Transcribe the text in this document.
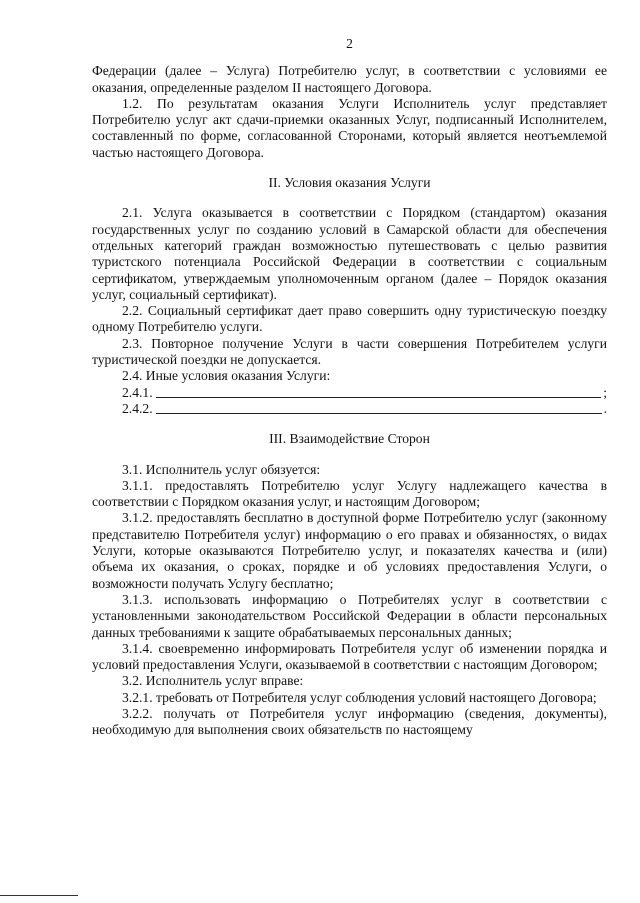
2

Федерации (далее – Услуга) Потребителю услуг, в соответствии с условиями ее оказания, определенные разделом II настоящего Договора.

1.2. По результатам оказания Услуги Исполнитель услуг представляет Потребителю услуг акт сдачи-приемки оказанных Услуг, подписанный Исполнителем, составленный по форме, согласованной Сторонами, который является неотъемлемой частью настоящего Договора.

II. Условия оказания Услуги

2.1. Услуга оказывается в соответствии с Порядком (стандартом) оказания государственных услуг по созданию условий в Самарской области для обеспечения отдельных категорий граждан возможностью путешествовать с целью развития туристского потенциала Российской Федерации в соответствии с социальным сертификатом, утверждаемым уполномоченным органом (далее – Порядок оказания услуг, социальный сертификат).

2.2. Социальный сертификат дает право совершить одну туристическую поездку одному Потребителю услуги.

2.3. Повторное получение Услуги в части совершения Потребителем услуги туристической поездки не допускается.

2.4. Иные условия оказания Услуги:

2.4.1.	;
2.4.2.	.

III. Взаимодействие Сторон

3.1. Исполнитель услуг обязуется:

3.1.1. предоставлять Потребителю услуг Услугу надлежащего качества в соответствии с Порядком оказания услуг, и настоящим Договором;

3.1.2. предоставлять бесплатно в доступной форме Потребителю услуг (законному представителю Потребителя услуг) информацию о его правах и обязанностях, о видах Услуги, которые оказываются Потребителю услуг, и показателях качества и (или) объема их оказания, о сроках, порядке и об условиях предоставления Услуги, о возможности получать Услугу бесплатно;

3.1.3. использовать информацию о Потребителях услуг в соответствии с установленными законодательством Российской Федерации в области персональных данных требованиями к защите обрабатываемых персональных данных;

3.1.4. своевременно информировать Потребителя услуг об изменении порядка и условий предоставления Услуги, оказываемой в соответствии с настоящим Договором;

3.2. Исполнитель услуг вправе:

3.2.1. требовать от Потребителя услуг соблюдения условий настоящего Договора;

3.2.2. получать от Потребителя услуг информацию (сведения, документы), необходимую для выполнения своих обязательств по настоящему
